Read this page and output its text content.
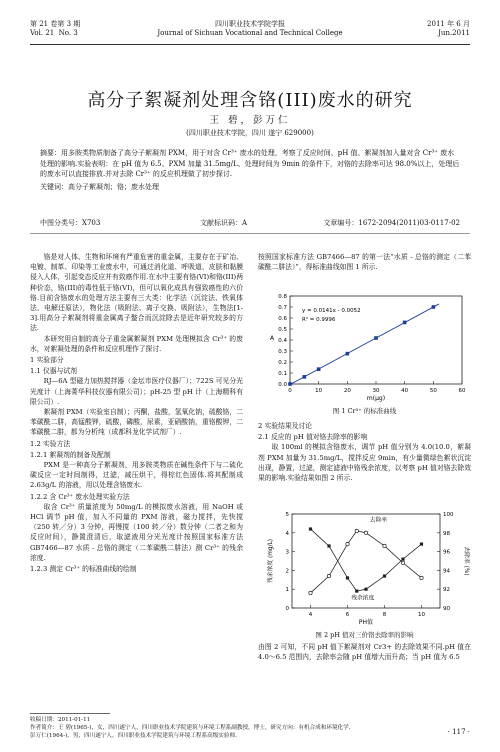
第 21 卷第 3 期
Vol. 21  No. 3
四川职业技术学院学报
Journal of Sichuan Vocational and Technical College
2011 年 6 月
Jun.2011
高分子絮凝剂处理含铬(III)废水的研究
王 碧，彭万仁
(四川职业技术学院，四川 遂宁 629000)
摘要：用多胺类物质制备了高分子絮凝剂 PXM，用于对含 Cr³⁺ 废水的处理，考察了反应时间、pH 值、絮凝剂加入量对含 Cr³⁺ 废水处理的影响.实验表明：在 pH 值为 6.5、PXM 加量 31.5mg/L、处理时间为 9min 的条件下，对铬的去除率可达 98.0%以上，处理后的废水可以直接排放.并对去除 Cr³⁺ 的反应机理做了初步探讨.
关键词：高分子絮凝剂；铬；废水处理
中图分类号：X703	文献标识码：A	文章编号：1672-2094(2011)03-0117-02

铬是对人体、生物和环境有严重危害的重金属，主要存在于矿冶、电镀、制革、印染等工业废水中，可通过消化道、呼吸道、皮肤和黏膜侵入人体，引起变态反应并有致癌作用.在水中主要有铬(VI)和铬(III)两种价态，铬(III)的毒性低于铬(VI)，但可以氧化成具有强致癌性的六价铬.目前含铬废水的处理方法主要有三大类：化学法（沉淀法、铁氧体法、电解还原法），物化法（吸附法、离子交换、吸附法），生物法[1-3].用高分子絮凝剂将重金属离子螯合而沉淀除去是近年研究较多的方法.

本研究用自制的高分子重金属絮凝剂 PXM 处理模拟含 Cr³⁺ 的废水，对絮凝处理的条件和反应机理作了探讨.

1 实验部分

1.1 仪器与试剂

RJ—6A 型磁力加热搅拌器（金坛市医疗仪器厂）；722S 可见分光光度计（上海菁华科技仪器有限公司）；pH-25 型 pH 计（上海精科有限公司）.

絮凝剂 PXM（实验室自制）；丙酮，盐酸，氢氧化钠，硫酸铬，二苯碳酰二肼，高锰酸钾，硫酸，磷酸，尿素，亚硝酸钠，重铬酸钾，二苯碳酰二肼，都为分析纯（成都科龙化学试剂厂）.

1.2 实验方法

1.2.1 絮凝剂的制备及配制

PXM 是一种高分子絮凝剂，用多胺类物质在碱性条件下与二硫化碳反应一定时间制得，过滤，减压烘干，得棕红色固体.将其配制成 2.63g/L 的溶液，用以处理含铬废水.

1.2.2 含 Cr³⁺ 废水处理实验方法

取含 Cr³⁺ 质量浓度为 50mg/L 的模拟废水溶液，用 NaOH 或 HCl 调节 pH 值，加入不同量的 PXM 溶液，磁力搅拌，先快搅（250 转／分）3 分钟，再慢搅（100 转／分）数分钟（二者之和为反应时间），静置澄清后，取滤液用分光光度计按照国家标准方法 GB7466—87 水质 - 总铬的测定（二苯碳酰二肼法）测 Cr³⁺ 的残余浓度.

1.2.3 测定 Cr³⁺ 的标准曲线的绘制

按照国家标准方法 GB7466—87 的第一法“水质 - 总铬的测定（二苯碳酰二肼法）”，得标准曲线如图 1 所示.
0.0
0.1
0.2
0.3
0.4
0.5
0.6
0.7
0.8
0	10	20	30	40	50	60
y = 0.0141x - 0.0052
R² = 0.9996
A
m(μg)
图 1 Cr³⁺ 的标准曲线

2 实验结果及讨论

2.1 反应的 pH 值对铬去除率的影响

取 100ml 的模拟含铬废水，调节 pH 值分别为 4.0(10.0，絮凝剂 PXM 加量为 31.5mg/L，搅拌反应 9min，有少量微绿色絮状沉淀出现，静置，过滤，测定滤液中铬残余浓度，以考察 pH 值对铬去除效果的影响.实验结果如图 2 所示.

0
1
2
3
4
5
90
92
94
96
98
100
4	6	8	10
去除率
残余浓度
残余浓度 (mg/L)	去除率 (%)
PH值
图 2 pH 值对三价铬去除率的影响
由图 2 可知，不同 pH 值下絮凝剂对 Cr3+ 的去除效果不同.pH 值在 4.0～6.5 范围内，去除率会随 pH 值增大而升高；当 pH 值为 6.5
收稿日期：2011-01-11
作者简介：王 碧(1965-)，女，四川遂宁人，四川职业技术学院建筑与环境工程系副教授，博士，研究方向：有机合成和环境化学.
彭万仁(1964-)，男，四川遂宁人，四川职业技术学院建筑与环境工程系高级实验师.	· 117 ·
